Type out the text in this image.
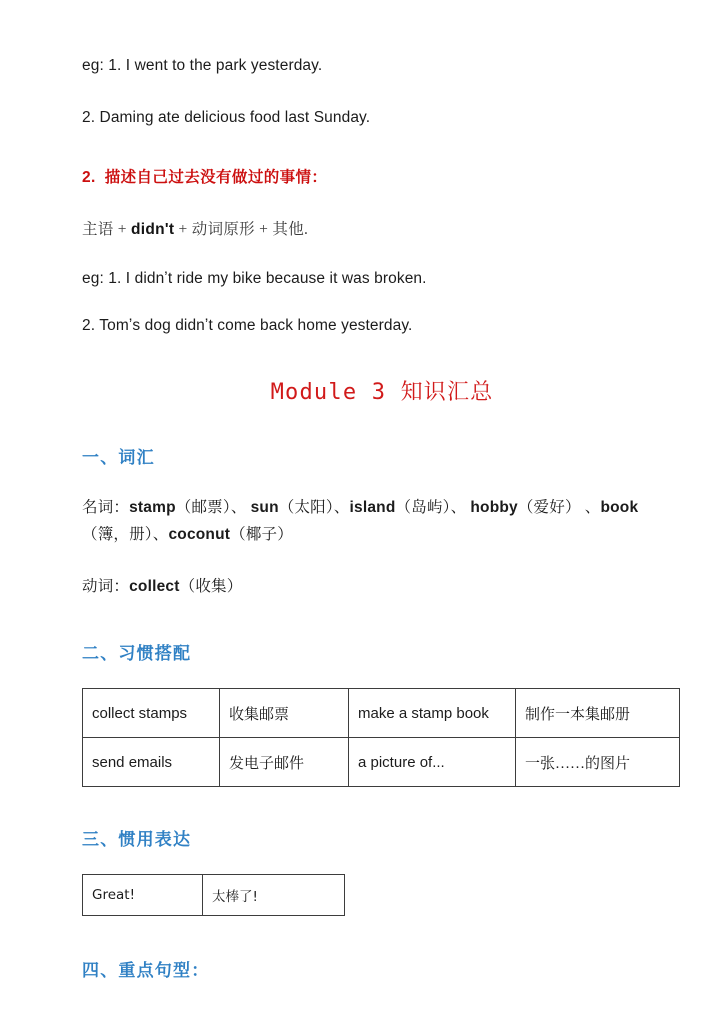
eg: 1. I went to the park yesterday.

2. Daming ate delicious food last Sunday.

2. 描述自己过去没有做过的事情：

主语 + didn't + 动词原形 + 其他.

eg: 1. I didnʼt ride my bike because it was broken.

2. Tomʼs dog didnʼt come back home yesterday.

Module 3 知识汇总
一、词汇

名词：stamp（邮票）、 sun（太阳）、island（岛屿）、 hobby（爱好） 、book（簿，册）、coconut（椰子）

动词：collect（收集）

二、习惯搭配
collect stamps	收集邮票	make a stamp book	制作一本集邮册
send emails	发电子邮件	a picture of...	一张……的图片
三、惯用表达
Great!	太棒了!
四、重点句型：
